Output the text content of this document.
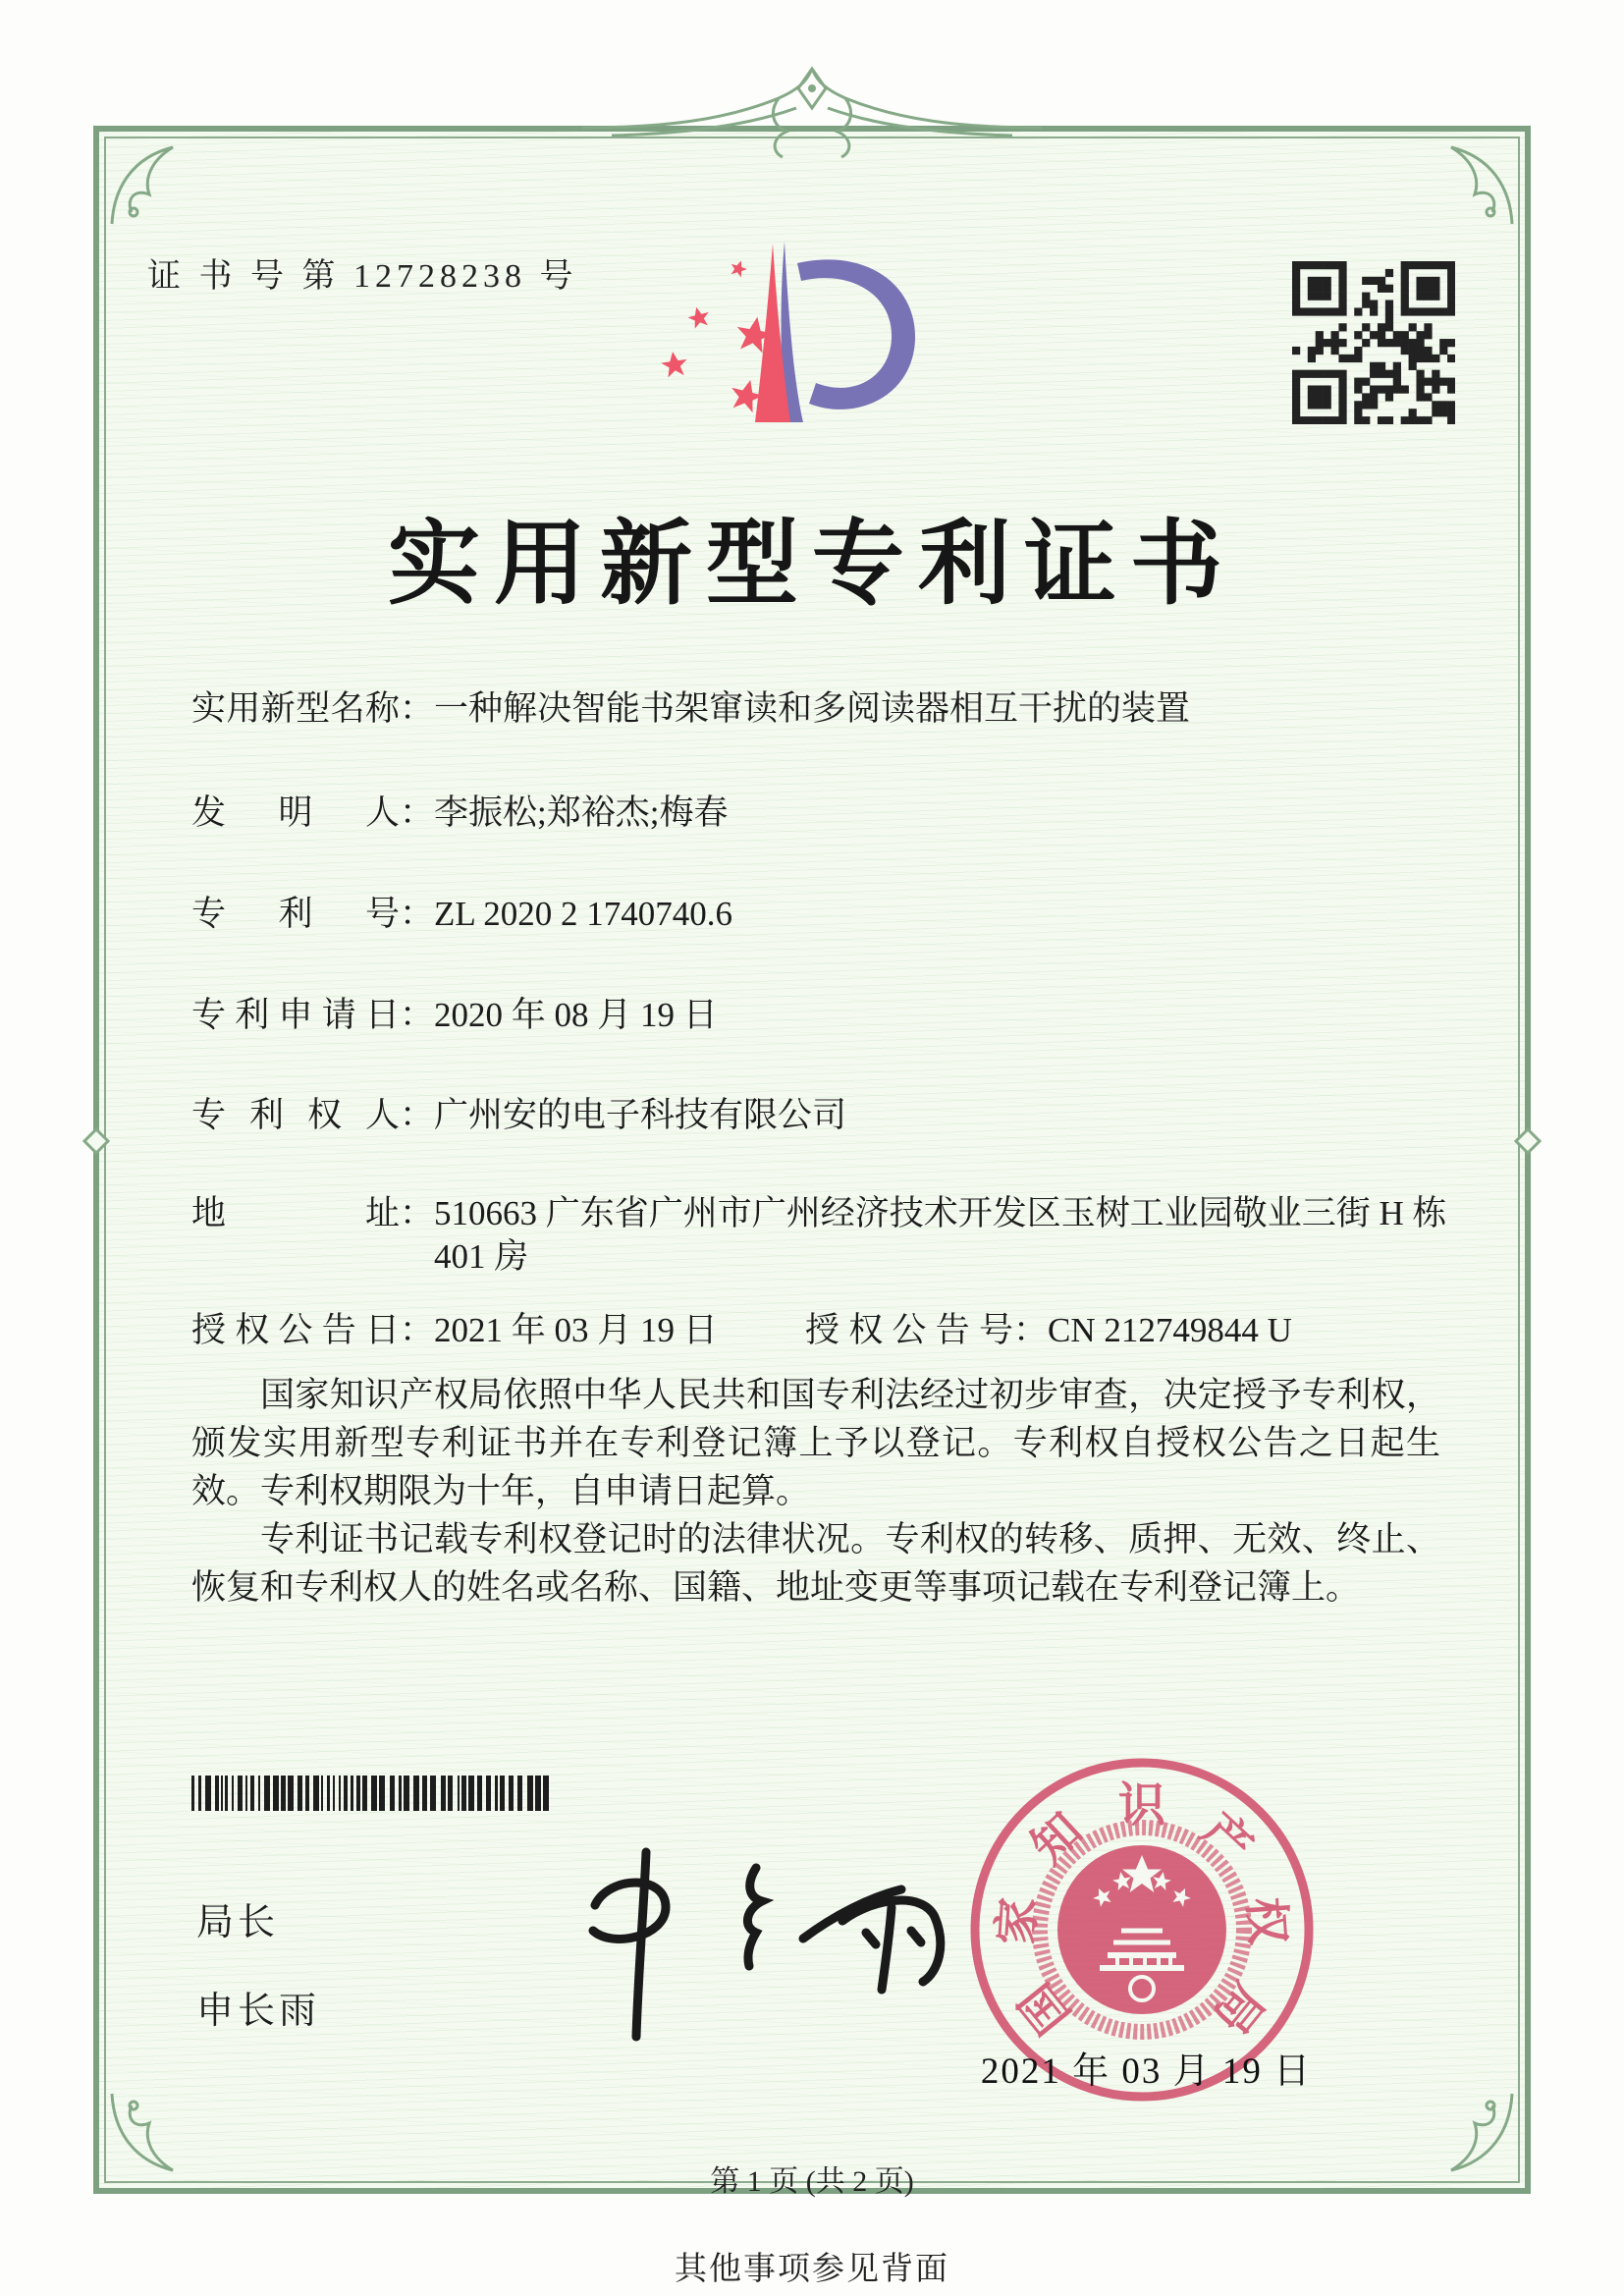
证 书 号 第 12728238 号
实用新型专利证书
实用新型名称 ： 一种解决智能书架窜读和多阅读器相互干扰的装置
发明人 ： 李振松;郑裕杰;梅春
专利号 ： ZL 2020 2 1740740.6
专利申请日 ： 2020 年 08 月 19 日
专利权人 ： 广州安的电子科技有限公司
地址 ： 510663 广东省广州市广州经济技术开发区玉树工业园敬业三街 H 栋 401 房
授权公告日 ： 2021 年 03 月 19 日	授权公告号 ： CN 212749844 U

国家知识产权局依照中华人民共和国专利法经过初步审查，决定授予专利权，颁发实用新型专利证书并在专利登记簿上予以登记。专利权自授权公告之日起生效。专利权期限为十年，自申请日起算。

专利证书记载专利权登记时的法律状况。专利权的转移、质押、无效、终止、恢复和专利权人的姓名或名称、国籍、地址变更等事项记载在专利登记簿上。

局长
申长雨	国
家
知 识 产
权
局
2021 年 03 月 19 日
第 1 页 (共 2 页)
其他事项参见背面
